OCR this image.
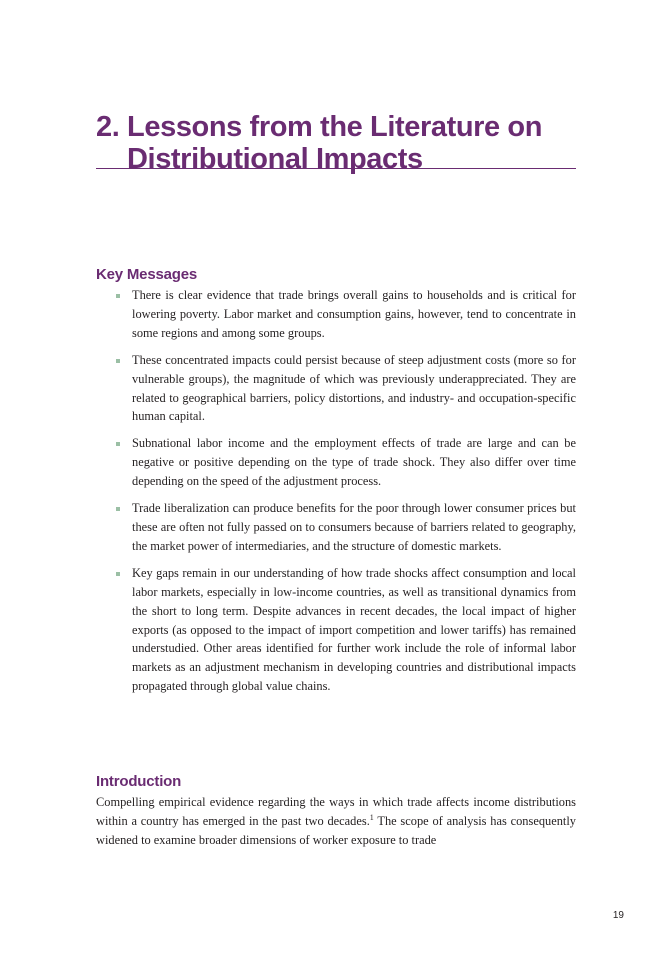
2. Lessons from the Literature on
Distributional Impacts
Key Messages
There is clear evidence that trade brings overall gains to households and is critical for lowering poverty. Labor market and consumption gains, however, tend to concentrate in some regions and among some groups.
These concentrated impacts could persist because of steep adjustment costs (more so for vulnerable groups), the magnitude of which was previously underappreciated. They are related to geographical barriers, policy distortions, and industry- and occupation-specific human capital.
Subnational labor income and the employment effects of trade are large and can be negative or positive depending on the type of trade shock. They also differ over time depending on the speed of the adjustment process.
Trade liberalization can produce benefits for the poor through lower consumer prices but these are often not fully passed on to consumers because of barriers related to geography, the market power of intermediaries, and the structure of domestic markets.
Key gaps remain in our understanding of how trade shocks affect consumption and local labor markets, especially in low-income countries, as well as transitional dynamics from the short to long term. Despite advances in recent decades, the local impact of higher exports (as opposed to the impact of import competition and lower tariffs) has remained understudied. Other areas identified for further work include the role of informal labor markets as an adjustment mechanism in developing countries and distributional impacts propagated through global value chains.
Introduction

Compelling empirical evidence regarding the ways in which trade affects income distributions within a country has emerged in the past two decades.$^1$ The scope of analysis has consequently widened to examine broader dimensions of worker exposure to trade

19
